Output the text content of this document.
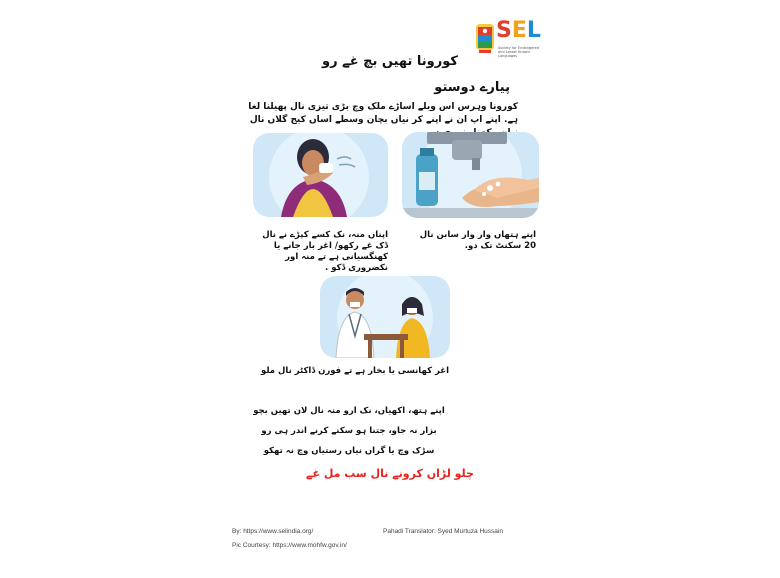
SEL
Society for Endangered and Lesser Known Languages
کورونا تھیں بچ غے رو
پیارے دوستو
کورونا وہرس اس ویلے اساڑے ملک وچ بڑی تیزی نال پھیلنا لغا ہے. اپنے اپ ان نے اپنے کر نیاں بچان وسطے اساں کیج گلاں نال
اپنے ہتھاں وار وار سابن نال 20 سکنٹ تک دو.
اپناں منہ، نک کسے کپڑے نے نال ڈک غے رکھو/ اغر بار جانے یا کھنگسیانی ہے تے منہ اور نکضروری ڈکو .
اغر کھانسی یا بخار ہے تے فورن ڈاکٹر نال ملو
اپنے ہتھ، اکھیاں، نک ارو منہ نال لان تھیں بچو
بزار نہ جاو، جتنا ہو سکنے کرنے اندر ہی رو
سڑک وچ یا گراں نیاں رستیاں وچ نہ تھکو
چلو لڑاں کرونے نال سب مل غے
By: https://www.selindia.org/
Pic Courtesy: https://www.mohfw.gov.in/
Pahadi Translator: Syed Murtuza Hussain
